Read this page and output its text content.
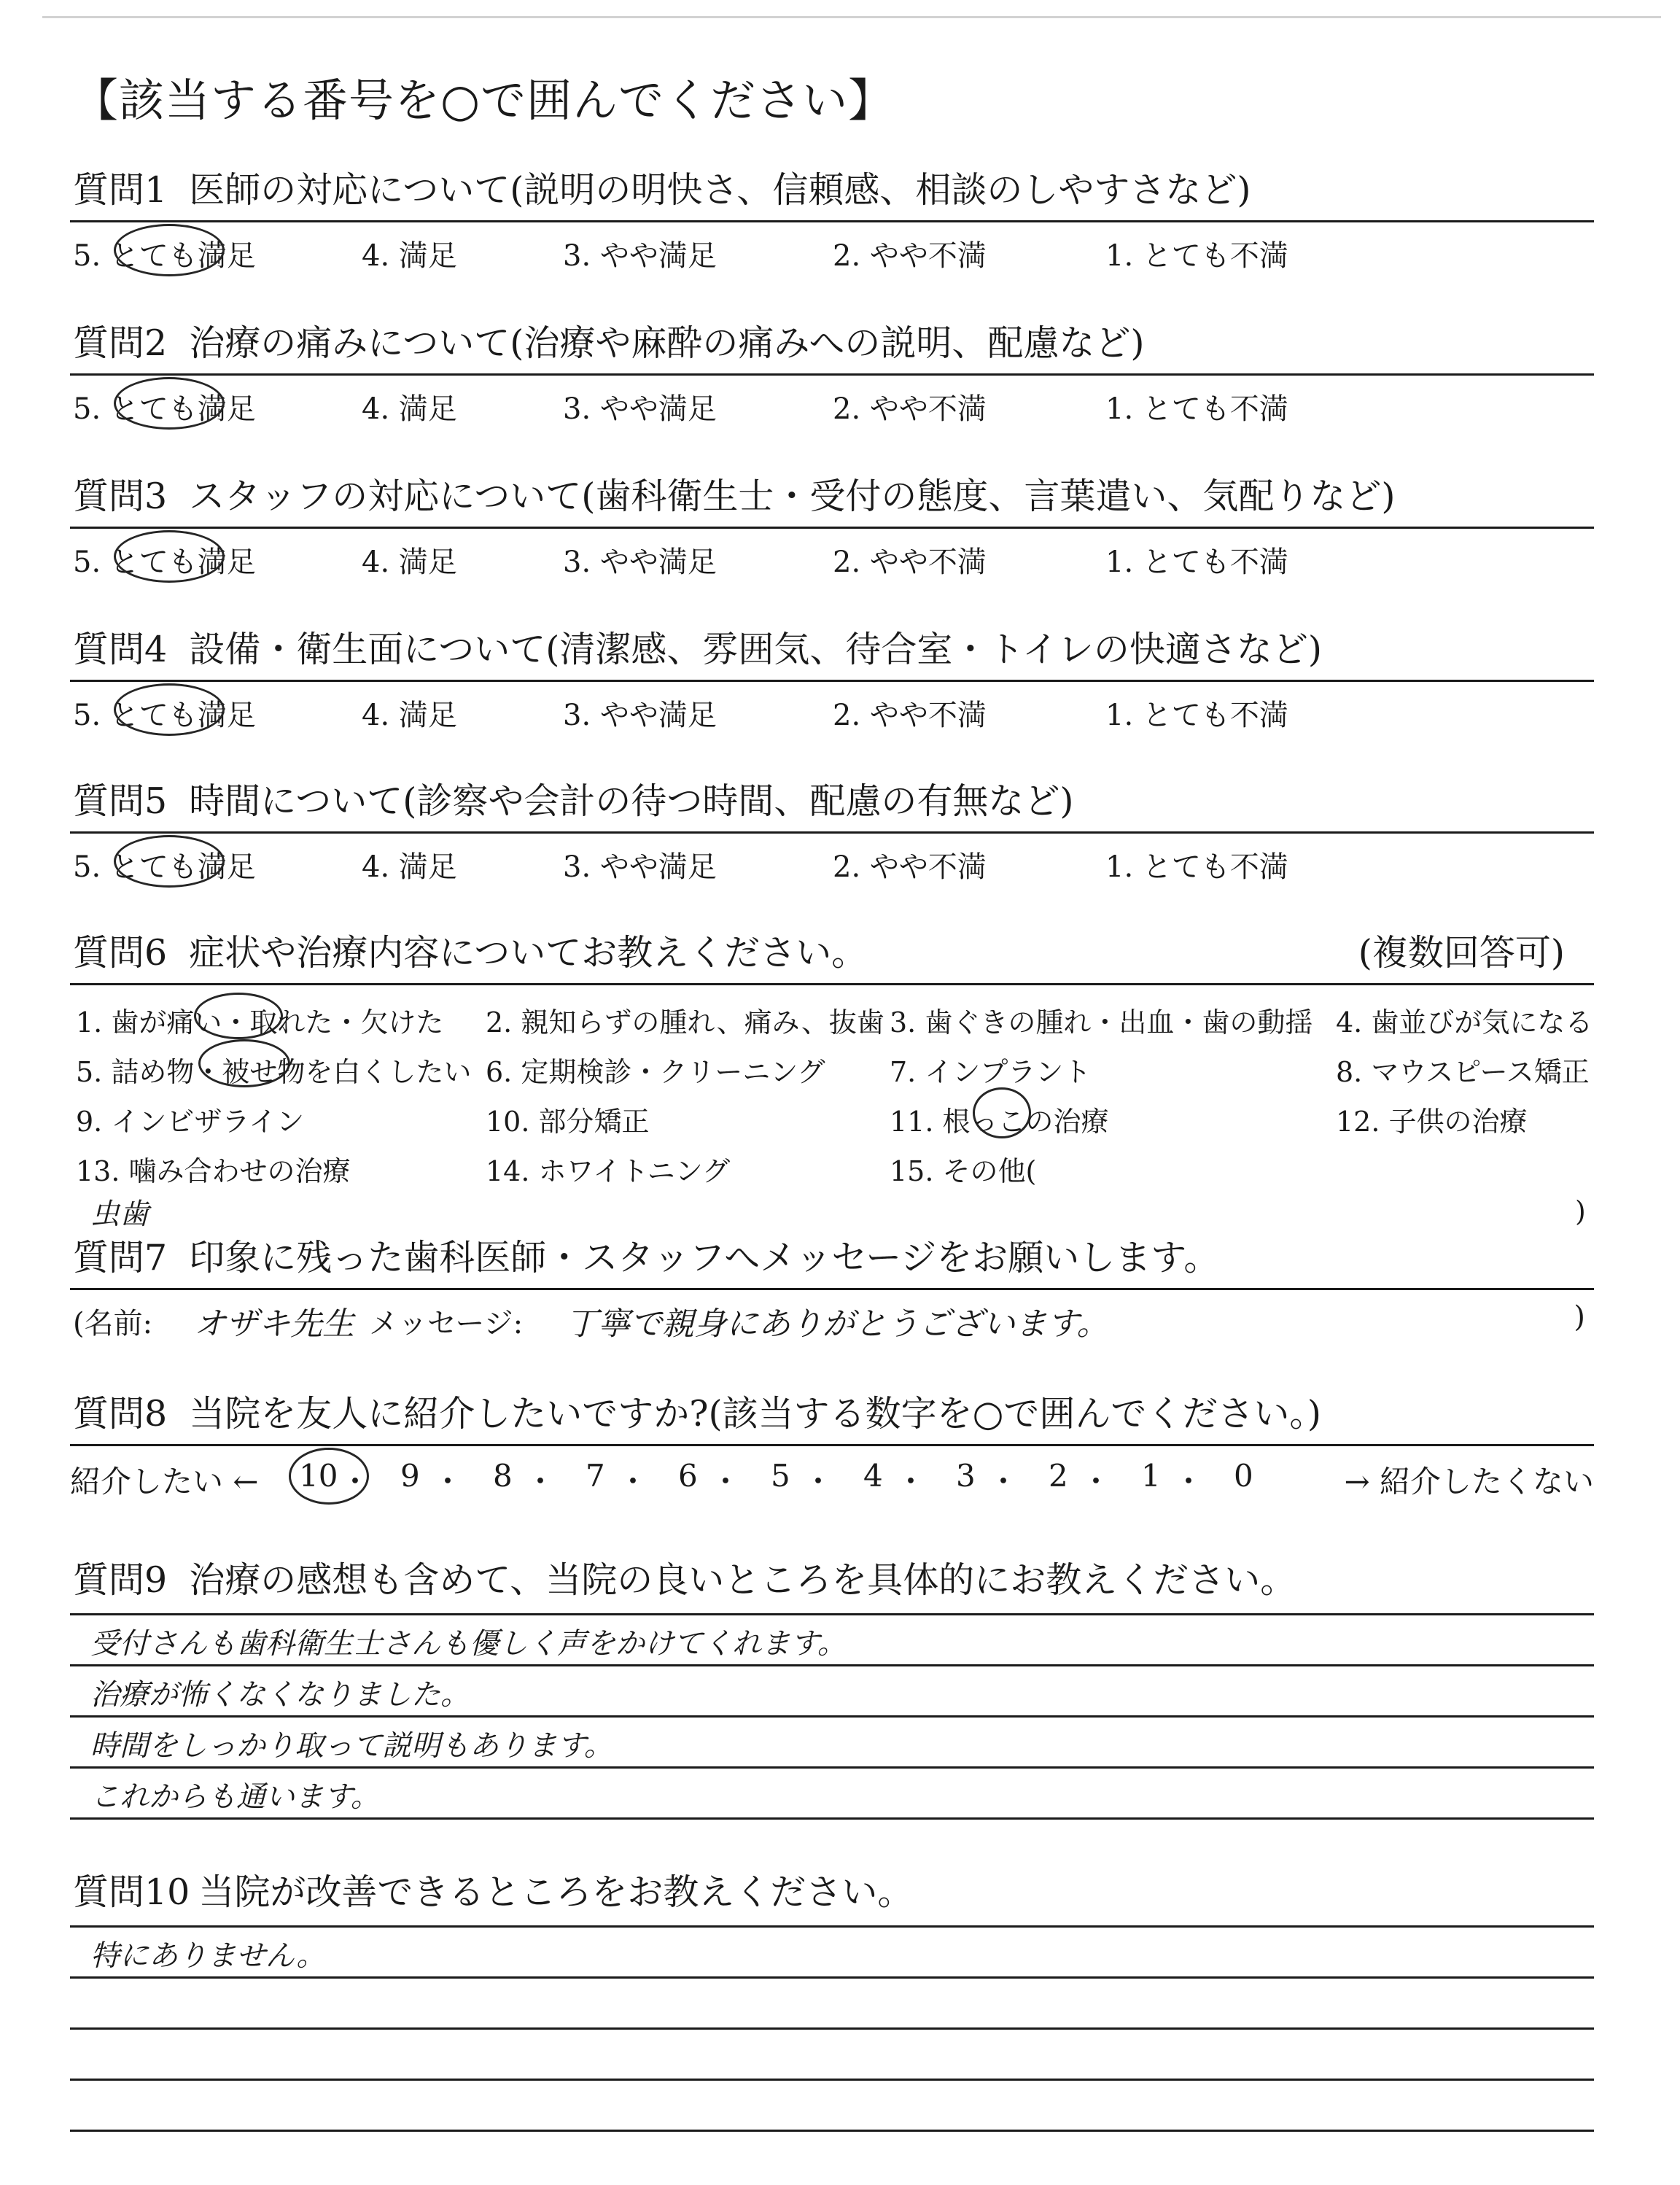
【該当する番号を○で囲んでください】
質問1 医師の対応について(説明の明快さ、信頼感、相談のしやすさなど)
5. とても満足	4. 満足	3. やや満足	2. やや不満	1. とても不満
質問2 治療の痛みについて(治療や麻酔の痛みへの説明、配慮など)
5. とても満足	4. 満足	3. やや満足	2. やや不満	1. とても不満
質問3 スタッフの対応について(歯科衛生士・受付の態度、言葉遣い、気配りなど)
5. とても満足	4. 満足	3. やや満足	2. やや不満	1. とても不満
質問4 設備・衛生面について(清潔感、雰囲気、待合室・トイレの快適さなど)
5. とても満足	4. 満足	3. やや満足	2. やや不満	1. とても不満
質問5 時間について(診察や会計の待つ時間、配慮の有無など)
5. とても満足	4. 満足	3. やや満足	2. やや不満	1. とても不満
質問6 症状や治療内容についてお教えください。	(複数回答可)
虫歯	)
1. 歯が痛い・取れた・欠けた 2. 親知らずの腫れ、痛み、抜歯 3. 歯ぐきの腫れ・出血・歯の動揺 4. 歯並びが気になる
5. 詰め物・被せ物を白くしたい 6. 定期検診・クリーニング 7. インプラント	8. マウスピース矯正
9. インビザライン	10. 部分矯正	11. 根っこの治療	12. 子供の治療
13. 噛み合わせの治療	14. ホワイトニング	15. その他(
質問7 印象に残った歯科医師・スタッフへメッセージをお願いします。
(名前: オザキ先生 メッセージ: 丁寧で親身にありがとうございます。	)
質問8 当院を友人に紹介したいですか?(該当する数字を○で囲んでください。)
紹介したい ←	→ 紹介したくない
10 ・ 9 ・ 8 ・ 7 ・ 6 ・ 5 ・ 4 ・ 3 ・ 2 ・ 1 ・ 0
質問9 治療の感想も含めて、当院の良いところを具体的にお教えください。
受付さんも歯科衛生士さんも優しく声をかけてくれます。
治療が怖くなくなりました。
時間をしっかり取って説明もあります。
これからも通います。
質問10 当院が改善できるところをお教えください。
特にありません。
